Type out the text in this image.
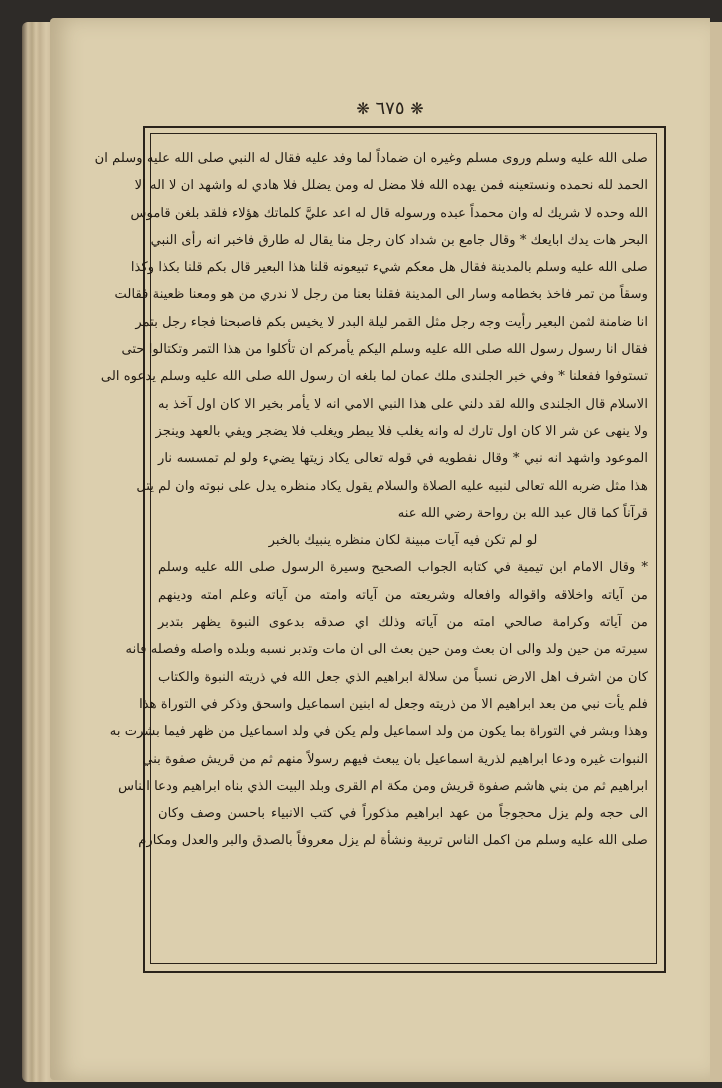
❋ ٦٧٥ ❋
صلى الله عليه وسلم وروى مسلم وغيره ان ضماداً لما وفد عليه فقال له النبي صلى الله عليه وسلم ان
الحمد لله نحمده ونستعينه فمن يهده الله فلا مضل له ومن يضلل فلا هادي له واشهد ان لا اله الا
الله وحده لا شريك له وان محمداً عبده ورسوله قال له اعد عليَّ كلماتك هؤلاء فلقد بلغن قاموس
البحر هات يدك ابايعك * وقال جامع بن شداد كان رجل منا يقال له طارق فاخبر انه رأى النبي
صلى الله عليه وسلم بالمدينة فقال هل معكم شيء تبيعونه قلنا هذا البعير قال بكم قلنا بكذا وكذا
وسقاً من تمر فاخذ بخطامه وسار الى المدينة فقلنا بعنا من رجل لا ندري من هو ومعنا ظعينة فقالت
انا ضامنة لثمن البعير رأيت وجه رجل مثل القمر ليلة البدر لا يخيس بكم فاصبحنا فجاء رجل بتمر
فقال انا رسول رسول الله صلى الله عليه وسلم اليكم يأمركم ان تأكلوا من هذا التمر وتكتالوا حتى
تستوفوا ففعلنا * وفي خبر الجلندى ملك عمان لما بلغه ان رسول الله صلى الله عليه وسلم يدعوه الى
الاسلام قال الجلندى والله لقد دلني على هذا النبي الامي انه لا يأمر بخير الا كان اول آخذ به
ولا ينهى عن شر الا كان اول تارك له وانه يغلب فلا يبطر ويغلب فلا يضجر ويفي بالعهد وينجز
الموعود واشهد انه نبي * وقال نفطويه في قوله تعالى يكاد زيتها يضيء ولو لم تمسسه نار
هذا مثل ضربه الله تعالى لنبيه عليه الصلاة والسلام يقول يكاد منظره يدل على نبوته وان لم يتل
قرآناً كما قال عبد الله بن رواحة رضي الله عنه
لو لم تكن فيه آيات مبينة لكان منظره ينبيك بالخبر
* وقال الامام ابن تيمية في كتابه الجواب الصحيح وسيرة الرسول صلى الله عليه وسلم
من آياته واخلاقه واقواله وافعاله وشريعته من آياته وامته من آياته وعلم امته ودينهم
من آياته وكرامة صالحي امته من آياته وذلك اي صدقه بدعوى النبوة يظهر بتدبر
سيرته من حين ولد والى ان بعث ومن حين بعث الى ان مات وتدبر نسبه وبلده واصله وفصله فانه
كان من اشرف اهل الارض نسباً من سلالة ابراهيم الذي جعل الله في ذريته النبوة والكتاب
فلم يأت نبي من بعد ابراهيم الا من ذريته وجعل له ابنين اسماعيل واسحق وذكر في التوراة هذا
وهذا وبشر في التوراة بما يكون من ولد اسماعيل ولم يكن في ولد اسماعيل من ظهر فيما بشرت به
النبوات غيره ودعا ابراهيم لذرية اسماعيل بان يبعث فيهم رسولاً منهم ثم من قريش صفوة بني
ابراهيم ثم من بني هاشم صفوة قريش ومن مكة ام القرى وبلد البيت الذي بناه ابراهيم ودعا الناس
الى حجه ولم يزل محجوجاً من عهد ابراهيم مذكوراً في كتب الانبياء باحسن وصف وكان
صلى الله عليه وسلم من اكمل الناس تربية ونشأة لم يزل معروفاً بالصدق والبر والعدل ومكارم
